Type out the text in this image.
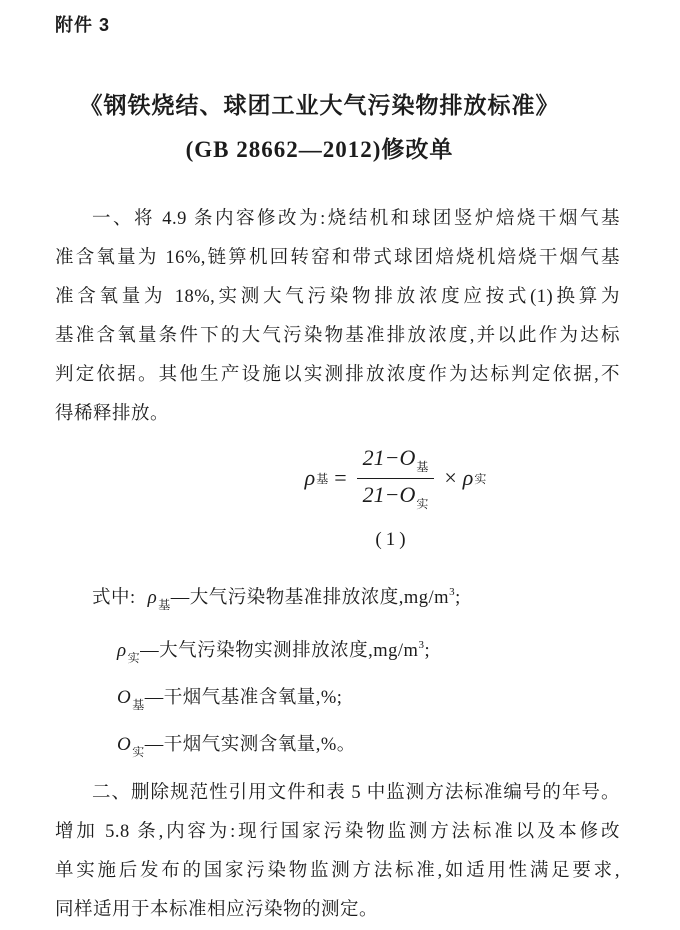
附件 3
《钢铁烧结、球团工业大气污染物排放标准》
(GB 28662—2012)修改单
一、将 4.9 条内容修改为:烧结机和球团竖炉焙烧干烟气基
准含氧量为 16%,链箅机回转窑和带式球团焙烧机焙烧干烟气基
准含氧量为 18%,实测大气污染物排放浓度应按式(1)换算为
基准含氧量条件下的大气污染物基准排放浓度,并以此作为达标
判定依据。其他生产设施以实测排放浓度作为达标判定依据,不
得稀释排放。
ρ 基 = $\frac{21-O_基}{21-O_实} \times \rho$ 实
(1)
式中: $\rho_基—$大气污染物基准排放浓度$,mg/m^3$;
$\rho_实—$大气污染物实测排放浓度$,mg/m^3$;
$O_基—$干烟气基准含氧量,%;
$O_实—$干烟气实测含氧量,%。
二、删除规范性引用文件和表 5 中监测方法标准编号的年号。
增加 5.8 条,内容为:现行国家污染物监测方法标准以及本修改
单实施后发布的国家污染物监测方法标准,如适用性满足要求,
同样适用于本标准相应污染物的测定。
